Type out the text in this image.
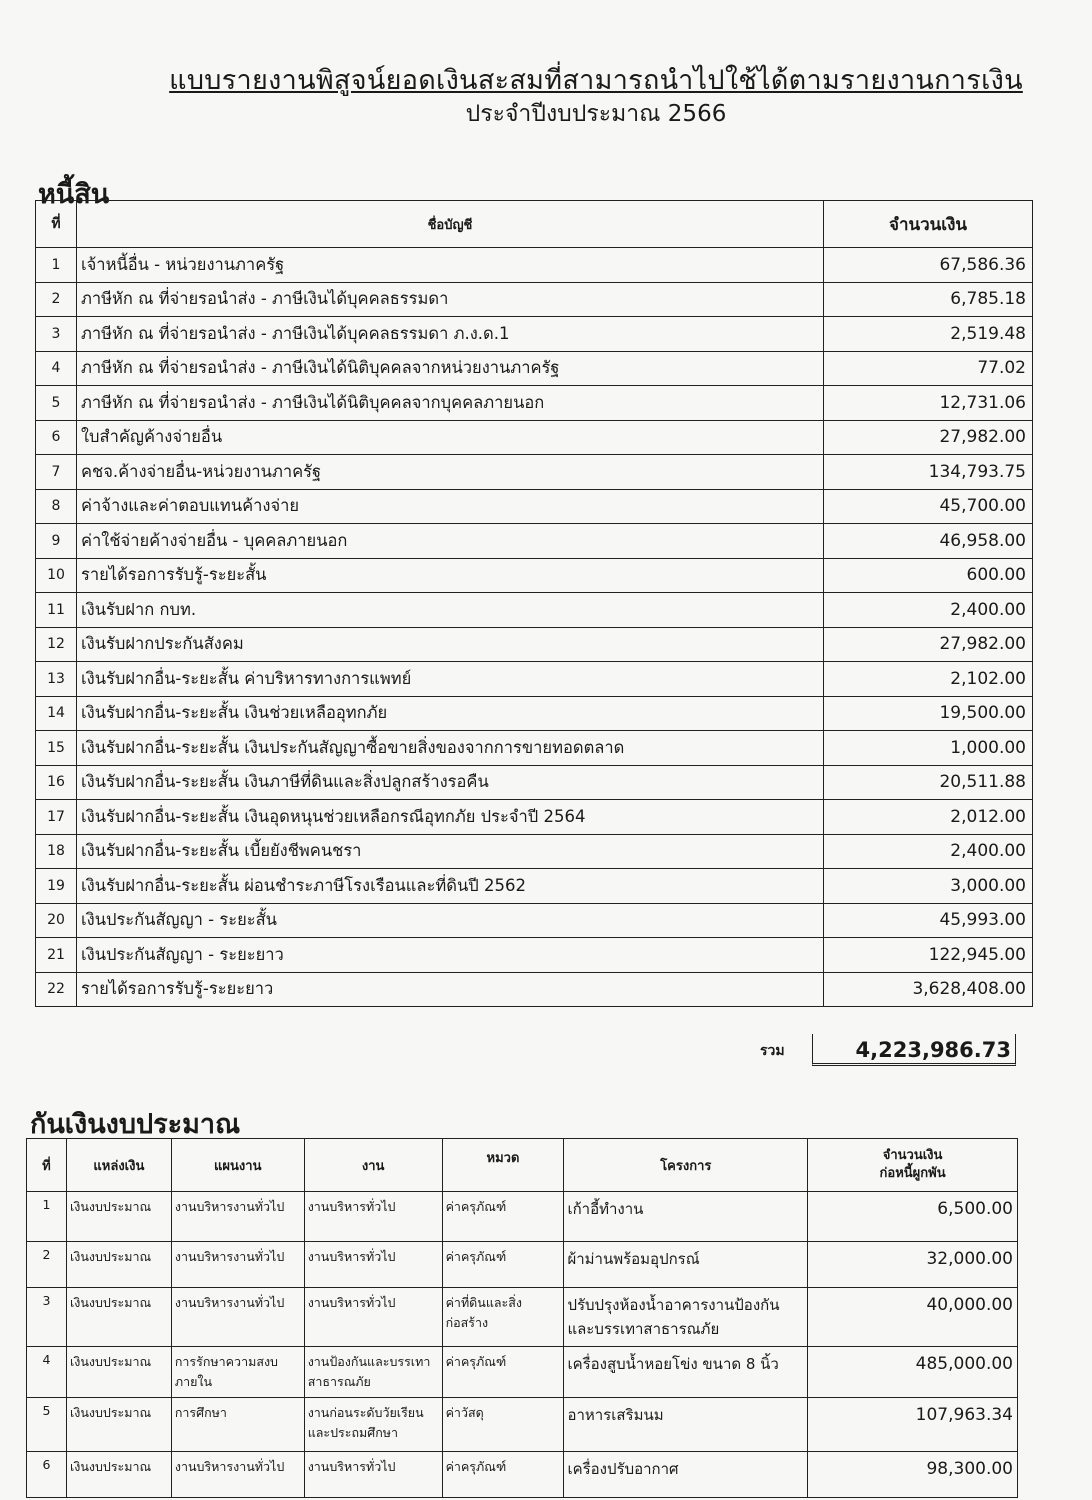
แบบรายงานพิสูจน์ยอดเงินสะสมที่สามารถนำไปใช้ได้ตามรายงานการเงิน
ประจำปีงบประมาณ 2566
หนี้สิน
ที่	ชื่อบัญชี	จำนวนเงิน
1	เจ้าหนี้อื่น - หน่วยงานภาครัฐ	67,586.36
2	ภาษีหัก ณ ที่จ่ายรอนำส่ง - ภาษีเงินได้บุคคลธรรมดา	6,785.18
3	ภาษีหัก ณ ที่จ่ายรอนำส่ง - ภาษีเงินได้บุคคลธรรมดา ภ.ง.ด.1	2,519.48
4	ภาษีหัก ณ ที่จ่ายรอนำส่ง - ภาษีเงินได้นิติบุคคลจากหน่วยงานภาครัฐ	77.02
5	ภาษีหัก ณ ที่จ่ายรอนำส่ง - ภาษีเงินได้นิติบุคคลจากบุคคลภายนอก	12,731.06
6	ใบสำคัญค้างจ่ายอื่น	27,982.00
7	คชจ.ค้างจ่ายอื่น-หน่วยงานภาครัฐ	134,793.75
8	ค่าจ้างและค่าตอบแทนค้างจ่าย	45,700.00
9	ค่าใช้จ่ายค้างจ่ายอื่น - บุคคลภายนอก	46,958.00
10	รายได้รอการรับรู้-ระยะสั้น	600.00
11	เงินรับฝาก กบท.	2,400.00
12	เงินรับฝากประกันสังคม	27,982.00
13	เงินรับฝากอื่น-ระยะสั้น ค่าบริหารทางการแพทย์	2,102.00
14	เงินรับฝากอื่น-ระยะสั้น เงินช่วยเหลืออุทกภัย	19,500.00
15	เงินรับฝากอื่น-ระยะสั้น เงินประกันสัญญาซื้อขายสิ่งของจากการขายทอดตลาด	1,000.00
16	เงินรับฝากอื่น-ระยะสั้น เงินภาษีที่ดินและสิ่งปลูกสร้างรอคืน	20,511.88
17	เงินรับฝากอื่น-ระยะสั้น เงินอุดหนุนช่วยเหลือกรณีอุทกภัย ประจำปี 2564	2,012.00
18	เงินรับฝากอื่น-ระยะสั้น เบี้ยยังชีพคนชรา	2,400.00
19	เงินรับฝากอื่น-ระยะสั้น ผ่อนชำระภาษีโรงเรือนและที่ดินปี 2562	3,000.00
20	เงินประกันสัญญา - ระยะสั้น	45,993.00
21	เงินประกันสัญญา - ระยะยาว	122,945.00
22	รายได้รอการรับรู้-ระยะยาว	3,628,408.00
รวม	4,223,986.73
กันเงินงบประมาณ
ที่	แหล่งเงิน	แผนงาน	งาน	หมวด	โครงการ	จำนวนเงิน
ก่อหนี้ผูกพัน

1	เงินงบประมาณ	งานบริหารงานทั่วไป	งานบริหารทั่วไป	ค่าครุภัณฑ์	เก้าอี้ทำงาน	6,500.00
2	เงินงบประมาณ	งานบริหารงานทั่วไป	งานบริหารทั่วไป	ค่าครุภัณฑ์	ผ้าม่านพร้อมอุปกรณ์	32,000.00
3	เงินงบประมาณ	งานบริหารงานทั่วไป	งานบริหารทั่วไป	ค่าที่ดินและสิ่งก่อสร้าง	ปรับปรุงห้องน้ำอาคารงานป้องกันและบรรเทาสาธารณภัย	40,000.00
4	เงินงบประมาณ	การรักษาความสงบภายใน	งานป้องกันและบรรเทาสาธารณภัย	ค่าครุภัณฑ์	เครื่องสูบน้ำหอยโข่ง ขนาด 8 นิ้ว	485,000.00
5	เงินงบประมาณ	การศึกษา	งานก่อนระดับวัยเรียนและประถมศึกษา	ค่าวัสดุ	อาหารเสริมนม	107,963.34
6	เงินงบประมาณ	งานบริหารงานทั่วไป	งานบริหารทั่วไป	ค่าครุภัณฑ์	เครื่องปรับอากาศ	98,300.00
